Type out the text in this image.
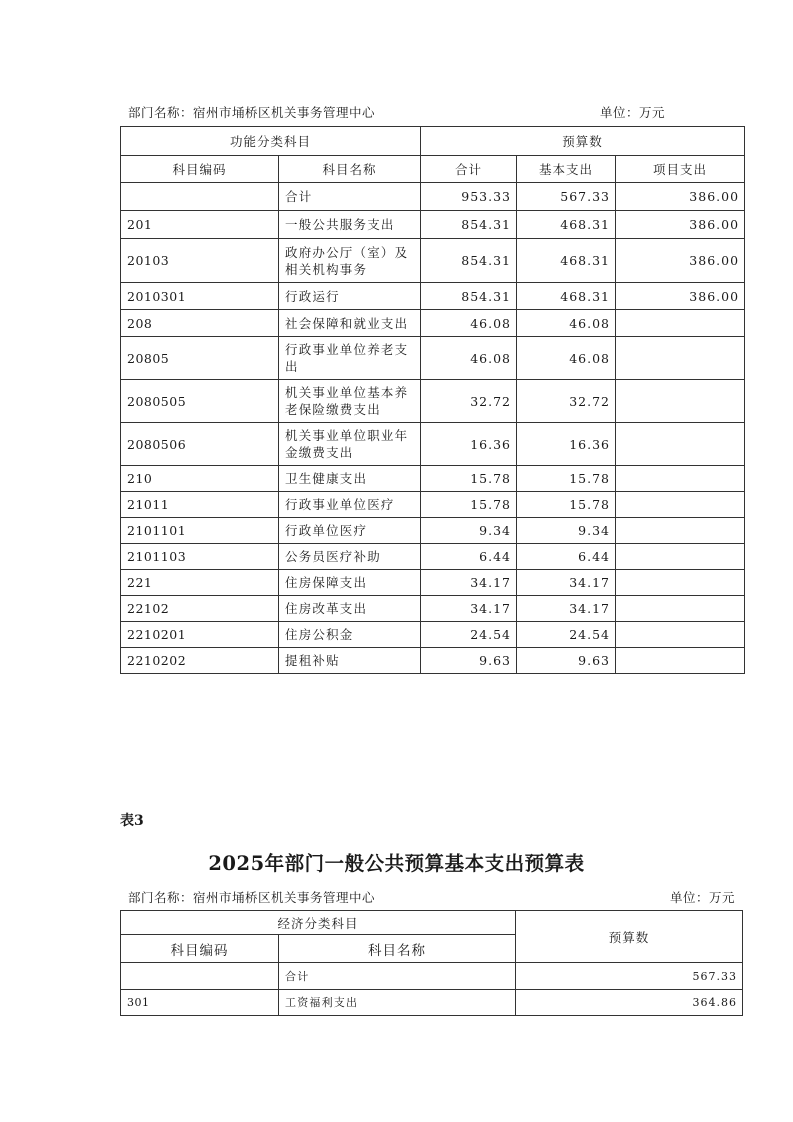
部门名称：宿州市埇桥区机关事务管理中心	单位：万元
功能分类科目		预算数		
科目编码	科目名称	合计	基本支出	项目支出
	合计	953.33	567.33	386.00
201	一般公共服务支出	854.31	468.31	386.00
20103	政府办公厅（室）及相关机构事务	854.31	468.31	386.00
2010301	行政运行	854.31	468.31	386.00
208	社会保障和就业支出	46.08	46.08	
20805	行政事业单位养老支出	46.08	46.08	
2080505	机关事业单位基本养老保险缴费支出	32.72	32.72	
2080506	机关事业单位职业年金缴费支出	16.36	16.36	
210	卫生健康支出	15.78	15.78	
21011	行政事业单位医疗	15.78	15.78	
2101101	行政单位医疗	9.34	9.34	
2101103	公务员医疗补助	6.44	6.44	
221	住房保障支出	34.17	34.17	
22102	住房改革支出	34.17	34.17	
2210201	住房公积金	24.54	24.54	
2210202	提租补贴	9.63	9.63	
表3
2025年部门一般公共预算基本支出预算表
部门名称：宿州市埇桥区机关事务管理中心	单位：万元
经济分类科目		预算数
科目编码	科目名称	
	合计	567.33
301	工资福利支出	364.86
